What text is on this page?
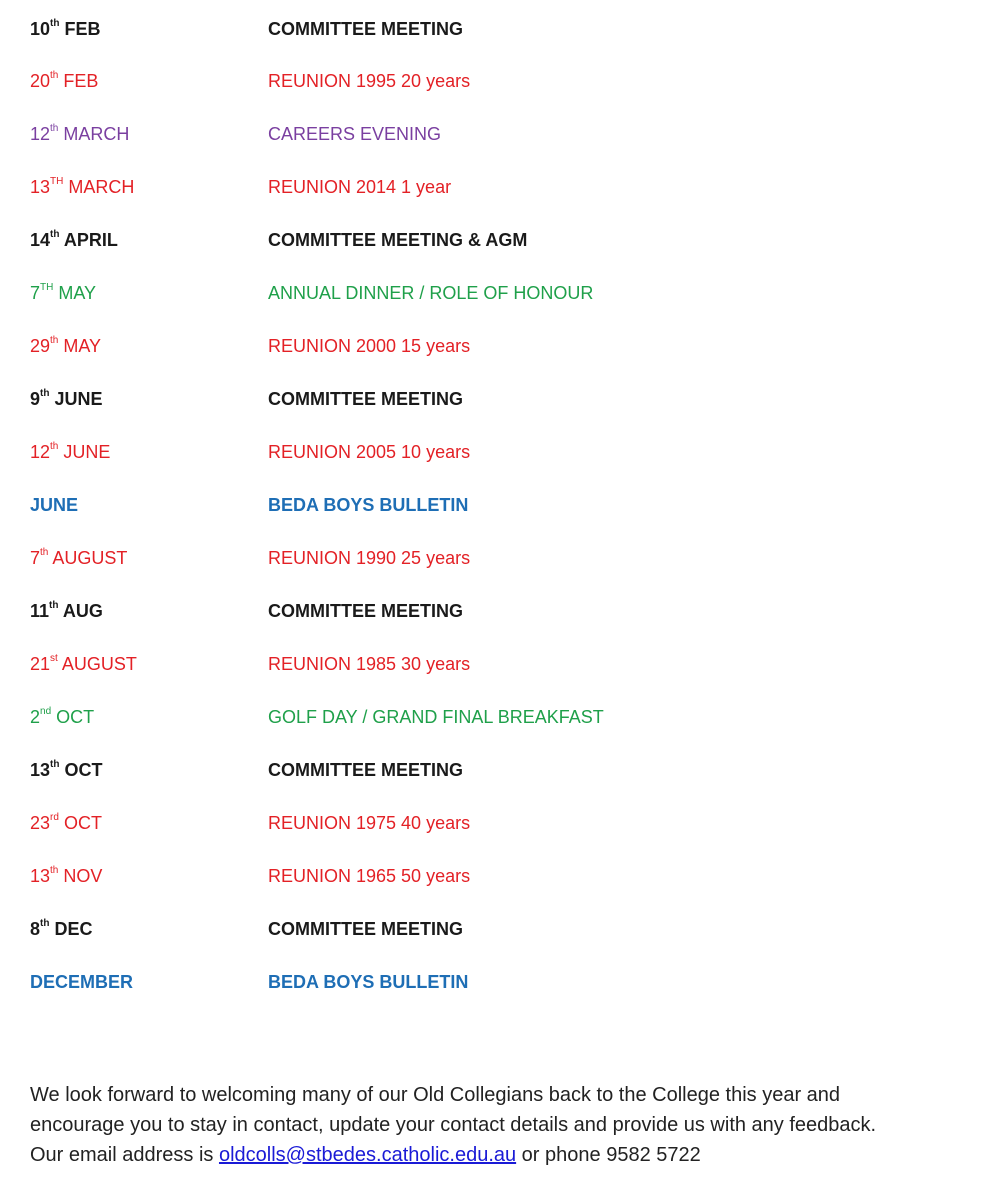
10th FEB	COMMITTEE MEETING
20th FEB	REUNION 1995 20 years
12th MARCH	CAREERS EVENING
13TH MARCH	REUNION 2014 1 year
14th APRIL	COMMITTEE MEETING & AGM
7TH MAY	ANNUAL DINNER / ROLE OF HONOUR
29th MAY	REUNION 2000 15 years
9th JUNE	COMMITTEE MEETING
12th JUNE	REUNION 2005 10 years
JUNE	BEDA BOYS BULLETIN
7th AUGUST	REUNION 1990 25 years
11th AUG	COMMITTEE MEETING
21st AUGUST	REUNION 1985 30 years
2nd OCT	GOLF DAY / GRAND FINAL BREAKFAST
13th OCT	COMMITTEE MEETING
23rd OCT	REUNION 1975 40 years
13th NOV	REUNION 1965 50 years
8th DEC	COMMITTEE MEETING
DECEMBER	BEDA BOYS BULLETIN
We look forward to welcoming many of our Old Collegians back to the College this year and
encourage you to stay in contact, update your contact details and provide us with any feedback.
Our email address is oldcolls@stbedes.catholic.edu.au or phone 9582 5722
